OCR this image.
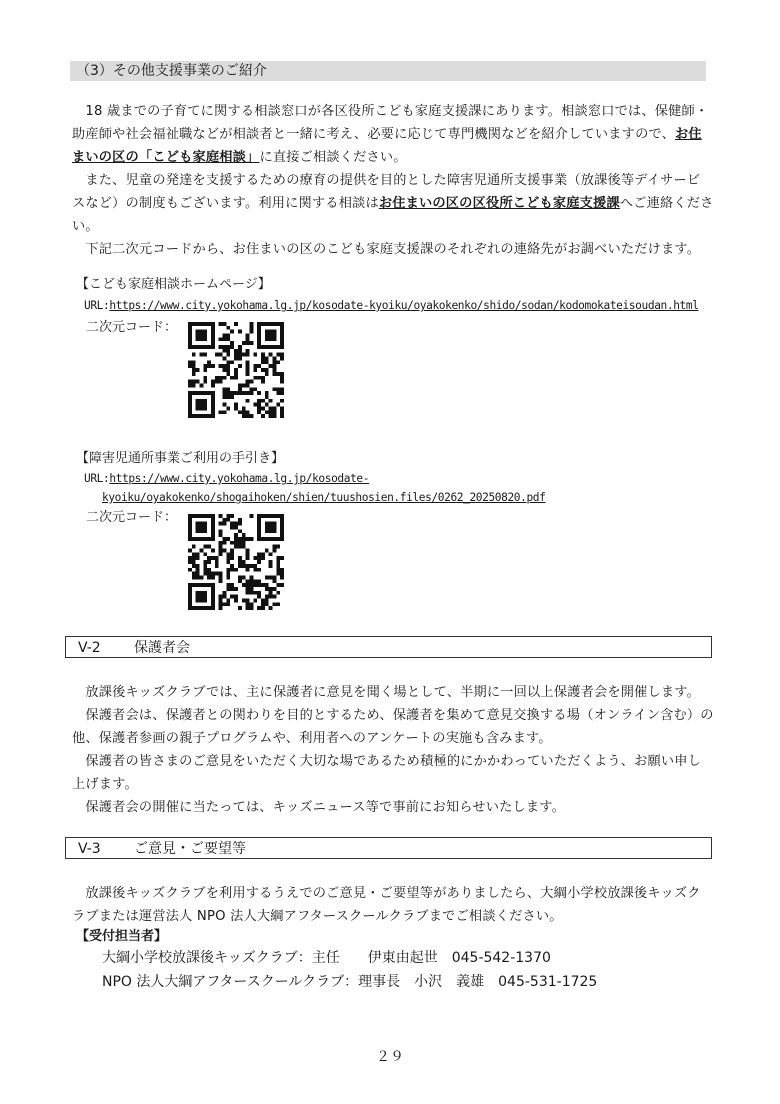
（3）その他支援事業のご紹介
　18 歳までの子育てに関する相談窓口が各区役所こども家庭支援課にあります。相談窓口では、保健師・
助産師や社会福祉職などが相談者と一緒に考え、必要に応じて専門機関などを紹介していますので、お住
まいの区の「こども家庭相談」に直接ご相談ください。
　また、児童の発達を支援するための療育の提供を目的とした障害児通所支援事業（放課後等デイサービ
スなど）の制度もございます。利用に関する相談はお住まいの区の区役所こども家庭支援課へご連絡くださ
い。
　下記二次元コードから、お住まいの区のこども家庭支援課のそれぞれの連絡先がお調べいただけます。
【こども家庭相談ホームページ】
URL:https://www.city.yokohama.lg.jp/kosodate-kyoiku/oyakokenko/shido/sodan/kodomokateisoudan.html
二次元コード：
【障害児通所事業ご利用の手引き】
URL:https://www.city.yokohama.lg.jp/kosodate-
kyoiku/oyakokenko/shogaihoken/shien/tuushosien.files/0262_20250820.pdf
二次元コード：
V-2 保護者会
　放課後キッズクラブでは、主に保護者に意見を聞く場として、半期に一回以上保護者会を開催します。
　保護者会は、保護者との関わりを目的とするため、保護者を集めて意見交換する場（オンライン含む）の
他、保護者参画の親子プログラムや、利用者へのアンケートの実施も含みます。
　保護者の皆さまのご意見をいただく大切な場であるため積極的にかかわっていただくよう、お願い申し
上げます。
　保護者会の開催に当たっては、キッズニュース等で事前にお知らせいたします。
V-3 ご意見・ご要望等
　放課後キッズクラブを利用するうえでのご意見・ご要望等がありましたら、大綱小学校放課後キッズク
ラブまたは運営法人 NPO 法人大綱アフタースクールクラブまでご相談ください。
【受付担当者】
大綱小学校放課後キッズクラブ：主任　　伊東由起世　045-542-1370
NPO 法人大綱アフタースクールクラブ：理事長　小沢　義雄　045-531-1725
２９
